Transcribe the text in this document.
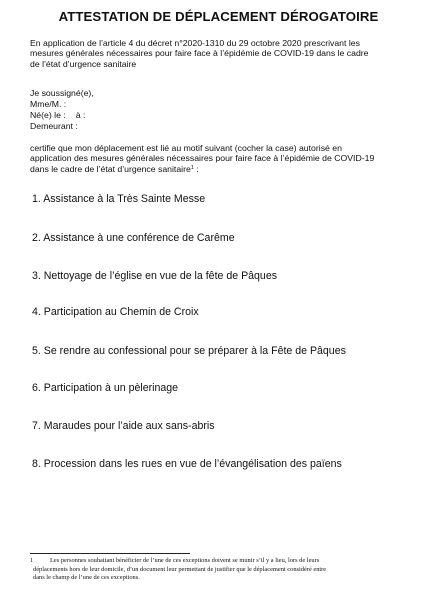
ATTESTATION DE DÉPLACEMENT DÉROGATOIRE
En application de l’article 4 du décret n°2020-1310 du 29 octobre 2020 prescrivant les
mesures générales nécessaires pour faire face à l’épidémie de COVID-19 dans le cadre
de l’état d’urgence sanitaire
Je soussigné(e),
Mme/M. :
Né(e) le : à :
Demeurant :
certifie que mon déplacement est lié au motif suivant (cocher la case) autorisé en
application des mesures générales nécessaires pour faire face à l’épidémie de COVID-19
dans le cadre de l’état d’urgence sanitaire$^1$ :
1. Assistance à la Très Sainte Messe
2. Assistance à une conférence de Carême
3. Nettoyage de l’église en vue de la fête de Pâques
4. Participation au Chemin de Croix
5. Se rendre au confessional pour se préparer à la Fête de Pâques
6. Participation à un pèlerinage
7. Maraudes pour l’aide aux sans-abris
8. Procession dans les rues en vue de l’évangélisation des païens
1	Les personnes souhaitant bénéficier de l’une de ces exceptions doivent se munir s’il y a lieu, lors de leurs
déplacements hors de leur domicile, d’un document leur permettant de justifier que le déplacement considéré entre
dans le champ de l’une de ces exceptions.
